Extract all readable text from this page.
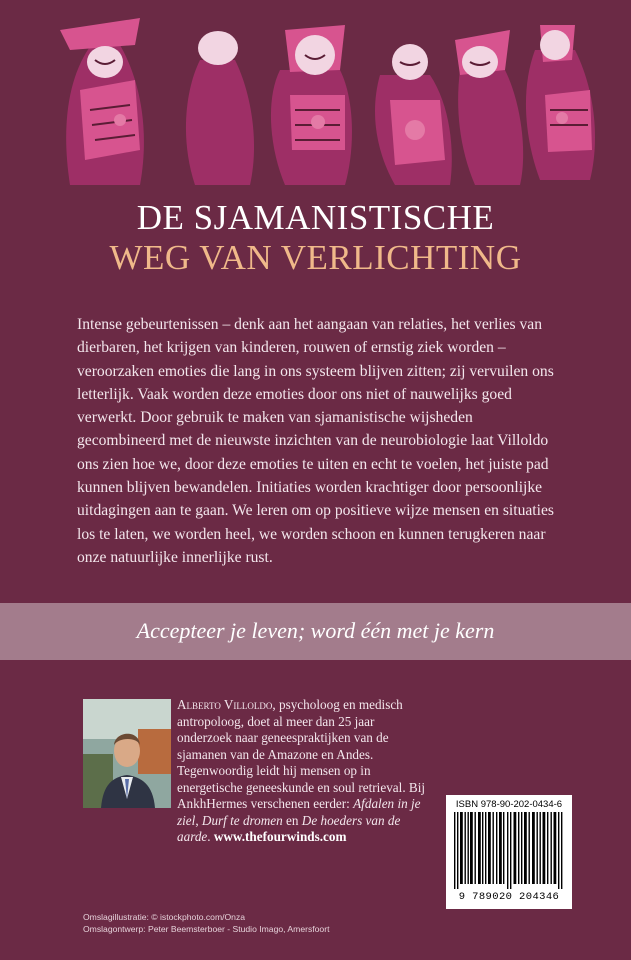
DE SJAMANISTISCHE
WEG VAN VERLICHTING

Intense gebeurtenissen – denk aan het aangaan van relaties, het verlies van dierbaren, het krijgen van kinderen, rouwen of ernstig ziek worden – veroorzaken emoties die lang in ons systeem blijven zitten; zij vervuilen ons letterlijk. Vaak worden deze emoties door ons niet of nauwelijks goed verwerkt. Door gebruik te maken van sjamanistische wijsheden gecombineerd met de nieuwste inzichten van de neurobiologie laat Villoldo ons zien hoe we, door deze emoties te uiten en echt te voelen, het juiste pad kunnen blijven bewandelen. Initiaties worden krachtiger door persoonlijke uitdagingen aan te gaan. We leren om op positieve wijze mensen en situaties los te laten, we worden heel, we worden schoon en kunnen terugkeren naar onze natuurlijke innerlijke rust.

Accepteer je leven; word één met je kern

Alberto Villoldo, psycholoog en medisch antropoloog, doet al meer dan 25 jaar onderzoek naar geneespraktijken van de sjamanen van de Amazone en Andes. Tegenwoordig leidt hij mensen op in energetische geneeskunde en soul retrieval. Bij AnkhHermes verschenen eerder: Afdalen in je ziel, Durf te dromen en De hoeders van de aarde. www.thefourwinds.com

ISBN 978-90-202-0434-6
9 789020 204346
Omslagillustratie: © istockphoto.com/Onza
Omslagontwerp: Peter Beemsterboer - Studio Imago, Amersfoort
